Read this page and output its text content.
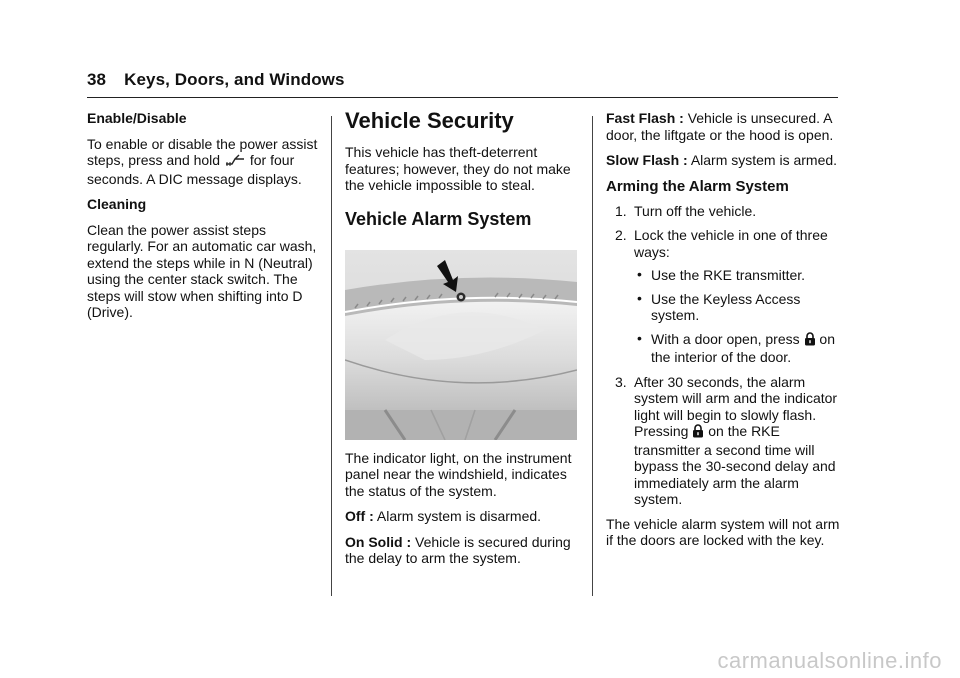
38 Keys, Doors, and Windows

Enable/Disable

To enable or disable the power assist steps, press and hold for four seconds. A DIC message displays.

Cleaning

Clean the power assist steps regularly. For an automatic car wash, extend the steps while in N (Neutral) using the center stack switch. The steps will stow when shifting into D (Drive).

Vehicle Security

This vehicle has theft-deterrent features; however, they do not make the vehicle impossible to steal.

Vehicle Alarm System

The indicator light, on the instrument panel near the windshield, indicates the status of the system.

Off : Alarm system is disarmed.

On Solid : Vehicle is secured during the delay to arm the system.

Fast Flash : Vehicle is unsecured. A door, the liftgate or the hood is open.

Slow Flash : Alarm system is armed.

Arming the Alarm System
1. Turn off the vehicle.
2. Lock the vehicle in one of three ways:
• Use the RKE transmitter.
• Use the Keyless Access system.
• With a door open, press on the interior of the door.
3. After 30 seconds, the alarm system will arm and the indicator light will begin to slowly flash. Pressing on the RKE transmitter a second time will bypass the 30-second delay and immediately arm the alarm system.

The vehicle alarm system will not arm if the doors are locked with the key.

carmanualsonline.info
